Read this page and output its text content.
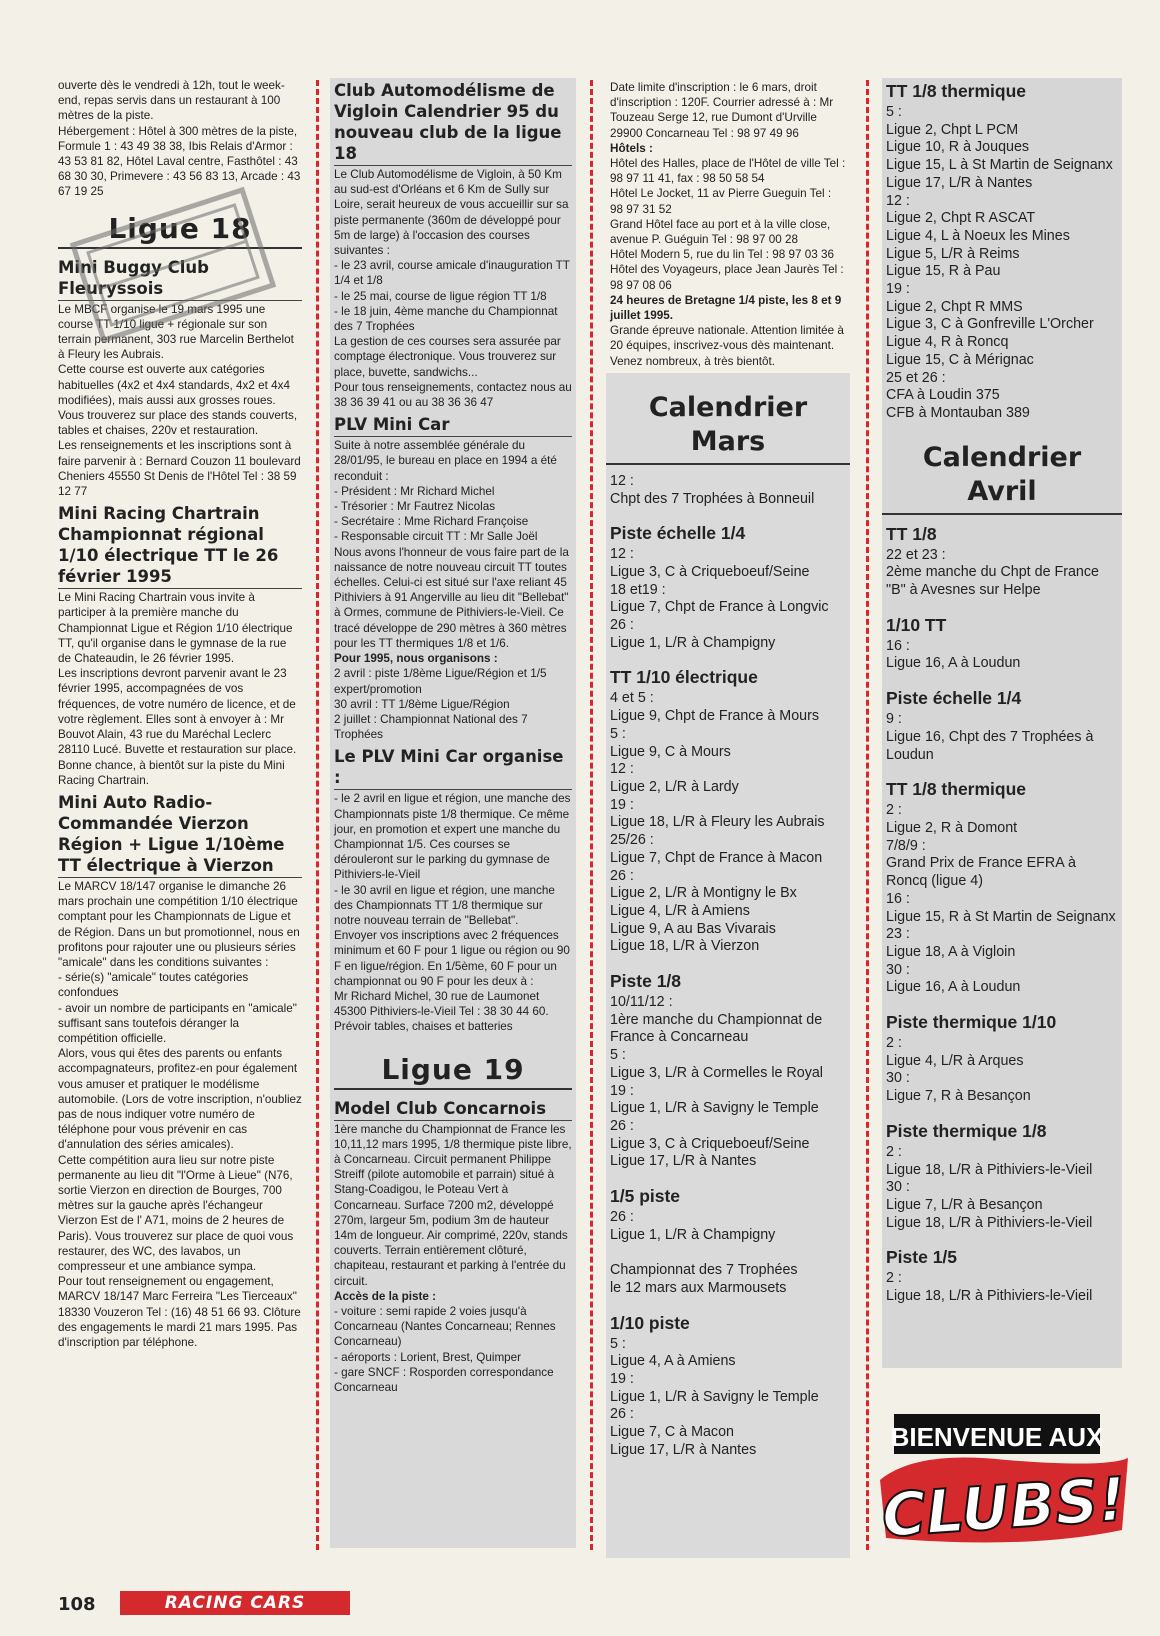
ouverte dès le vendredi à 12h, tout le week-end, repas servis dans un restaurant à 100 mètres de la piste.
Hébergement : Hôtel à 300 mètres de la piste, Formule 1 : 43 49 38 38, Ibis Relais d'Armor : 43 53 81 82, Hôtel Laval centre, Fasthôtel : 43 68 30 30, Primevere : 43 56 83 13, Arcade : 43 67 19 25

Ligue 18
Mini Buggy Club Fleuryssois

Le MBCF organise le 19 mars 1995 une course TT 1/10 ligue + régionale sur son terrain permanent, 303 rue Marcelin Berthelot à Fleury les Aubrais.
Cette course est ouverte aux catégories habituelles (4x2 et 4x4 standards, 4x2 et 4x4 modifiées), mais aussi aux grosses roues. Vous trouverez sur place des stands couverts, tables et chaises, 220v et restauration.
Les renseignements et les inscriptions sont à faire parvenir à : Bernard Couzon 11 boulevard Cheniers 45550 St Denis de l'Hôtel Tel : 38 59 12 77

Mini Racing Chartrain Championnat régional 1/10 électrique TT le 26 février 1995

Le Mini Racing Chartrain vous invite à participer à la première manche du Championnat Ligue et Région 1/10 électrique TT, qu'il organise dans le gymnase de la rue de Chateaudin, le 26 février 1995.
Les inscriptions devront parvenir avant le 23 février 1995, accompagnées de vos fréquences, de votre numéro de licence, et de votre règlement. Elles sont à envoyer à : Mr Bouvot Alain, 43 rue du Maréchal Leclerc 28110 Lucé. Buvette et restauration sur place.
Bonne chance, à bientôt sur la piste du Mini Racing Chartrain.

Mini Auto Radio-Commandée Vierzon Région + Ligue 1/10ème TT électrique à Vierzon

Le MARCV 18/147 organise le dimanche 26 mars prochain une compétition 1/10 électrique comptant pour les Championnats de Ligue et de Région. Dans un but promotionnel, nous en profitons pour rajouter une ou plusieurs séries "amicale" dans les conditions suivantes :
- série(s) "amicale" toutes catégories confondues
- avoir un nombre de participants en "amicale" suffisant sans toutefois déranger la compétition officielle.
Alors, vous qui êtes des parents ou enfants accompagnateurs, profitez-en pour également vous amuser et pratiquer le modélisme automobile. (Lors de votre inscription, n'oubliez pas de nous indiquer votre numéro de téléphone pour vous prévenir en cas d'annulation des séries amicales).
Cette compétition aura lieu sur notre piste permanente au lieu dit "l'Orme à Lieue" (N76, sortie Vierzon en direction de Bourges, 700 mètres sur la gauche après l'échangeur Vierzon Est de l' A71, moins de 2 heures de Paris). Vous trouverez sur place de quoi vous restaurer, des WC, des lavabos, un compresseur et une ambiance sympa.
Pour tout renseignement ou engagement, MARCV 18/147 Marc Ferreira "Les Tierceaux" 18330 Vouzeron Tel : (16) 48 51 66 93. Clôture des engagements le mardi 21 mars 1995. Pas d'inscription par téléphone.

Club Automodélisme de Vigloin Calendrier 95 du nouveau club de la ligue 18

Le Club Automodélisme de Vigloin, à 50 Km au sud-est d'Orléans et 6 Km de Sully sur Loire, serait heureux de vous accueillir sur sa piste permanente (360m de développé pour 5m de large) à l'occasion des courses suivantes :
- le 23 avril, course amicale d'inauguration TT 1/4 et 1/8
- le 25 mai, course de ligue région TT 1/8
- le 18 juin, 4ème manche du Championnat des 7 Trophées
La gestion de ces courses sera assurée par comptage électronique. Vous trouverez sur place, buvette, sandwichs...
Pour tous renseignements, contactez nous au 38 36 39 41 ou au 38 36 36 47

PLV Mini Car

Suite à notre assemblée générale du 28/01/95, le bureau en place en 1994 a été reconduit :
- Président : Mr Richard Michel
- Trésorier : Mr Fautrez Nicolas
- Secrétaire : Mme Richard Françoise
- Responsable circuit TT : Mr Salle Joël
Nous avons l'honneur de vous faire part de la naissance de notre nouveau circuit TT toutes échelles. Celui-ci est situé sur l'axe reliant 45 Pithiviers à 91 Angerville au lieu dit "Bellebat" à Ormes, commune de Pithiviers-le-Vieil. Ce tracé développe de 290 mètres à 360 mètres pour les TT thermiques 1/8 et 1/6.

Pour 1995, nous organisons :

2 avril : piste 1/8ème Ligue/Région et 1/5 expert/promotion
30 avril : TT 1/8ème Ligue/Région
2 juillet : Championnat National des 7 Trophées

Le PLV Mini Car organise :

- le 2 avril en ligue et région, une manche des Championnats piste 1/8 thermique. Ce même jour, en promotion et expert une manche du Championnat 1/5. Ces courses se dérouleront sur le parking du gymnase de Pithiviers-le-Vieil
- le 30 avril en ligue et région, une manche des Championnats TT 1/8 thermique sur notre nouveau terrain de "Bellebat".
Envoyer vos inscriptions avec 2 fréquences minimum et 60 F pour 1 ligue ou région ou 90 F en ligue/région. En 1/5ème, 60 F pour un championnat ou 90 F pour les deux à :
Mr Richard Michel, 30 rue de Laumonet 45300 Pithiviers-le-Vieil Tel : 38 30 44 60. Prévoir tables, chaises et batteries

Ligue 19
Model Club Concarnois

1ère manche du Championnat de France les 10,11,12 mars 1995, 1/8 thermique piste libre, à Concarneau. Circuit permanent Philippe Streiff (pilote automobile et parrain) situé à Stang-Coadigou, le Poteau Vert à Concarneau. Surface 7200 m2, développé 270m, largeur 5m, podium 3m de hauteur 14m de longueur. Air comprimé, 220v, stands couverts. Terrain entièrement clôturé, chapiteau, restaurant et parking à l'entrée du circuit.

Accès de la piste :

- voiture : semi rapide 2 voies jusqu'à Concarneau (Nantes Concarneau; Rennes Concarneau)
- aéroports : Lorient, Brest, Quimper
- gare SNCF : Rosporden correspondance Concarneau

Date limite d'inscription : le 6 mars, droit d'inscription : 120F. Courrier adressé à : Mr Touzeau Serge 12, rue Dumont d'Urville 29900 Concarneau Tel : 98 97 49 96

Hôtels :

Hôtel des Halles, place de l'Hôtel de ville Tel : 98 97 11 41, fax : 98 50 58 54
Hôtel Le Jocket, 11 av Pierre Gueguin Tel : 98 97 31 52
Grand Hôtel face au port et à la ville close, avenue P. Guéguin Tel : 98 97 00 28
Hôtel Modern 5, rue du lin Tel : 98 97 03 36
Hôtel des Voyageurs, place Jean Jaurès Tel : 98 97 08 06

24 heures de Bretagne 1/4 piste, les 8 et 9 juillet 1995.

Grande épreuve nationale. Attention limitée à 20 équipes, inscrivez-vous dès maintenant. Venez nombreux, à très bientôt.

Calendrier
Mars

12 :
Chpt des 7 Trophées à Bonneuil

Piste échelle 1/4

12 :
Ligue 3, C à Criqueboeuf/Seine
18 et19 :
Ligue 7, Chpt de France à Longvic
26 :
Ligue 1, L/R à Champigny

TT 1/10 électrique

4 et 5 :
Ligue 9, Chpt de France à Mours
5 :
Ligue 9, C à Mours
12 :
Ligue 2, L/R à Lardy
19 :
Ligue 18, L/R à Fleury les Aubrais
25/26 :
Ligue 7, Chpt de France à Macon
26 :
Ligue 2, L/R à Montigny le Bx
Ligue 4, L/R à Amiens
Ligue 9, A au Bas Vivarais
Ligue 18, L/R à Vierzon

Piste 1/8

10/11/12 :
1ère manche du Championnat de France à Concarneau
5 :
Ligue 3, L/R à Cormelles le Royal
19 :
Ligue 1, L/R à Savigny le Temple
26 :
Ligue 3, C à Criqueboeuf/Seine
Ligue 17, L/R à Nantes

1/5 piste

26 :
Ligue 1, L/R à Champigny

Championnat des 7 Trophées
le 12 mars aux Marmousets

1/10 piste

5 :
Ligue 4, A à Amiens
19 :
Ligue 1, L/R à Savigny le Temple
26 :
Ligue 7, C à Macon
Ligue 17, L/R à Nantes

TT 1/8 thermique

5 :
Ligue 2, Chpt L PCM
Ligue 10, R à Jouques
Ligue 15, L à St Martin de Seignanx
Ligue 17, L/R à Nantes
12 :
Ligue 2, Chpt R ASCAT
Ligue 4, L à Noeux les Mines
Ligue 5, L/R à Reims
Ligue 15, R à Pau
19 :
Ligue 2, Chpt R MMS
Ligue 3, C à Gonfreville L'Orcher
Ligue 4, R à Roncq
Ligue 15, C à Mérignac
25 et 26 :
CFA à Loudin 375
CFB à Montauban 389

Calendrier
Avril
TT 1/8

22 et 23 :
2ème manche du Chpt de France "B" à Avesnes sur Helpe

1/10 TT

16 :
Ligue 16, A à Loudun

Piste échelle 1/4

9 :
Ligue 16, Chpt des 7 Trophées à Loudun

TT 1/8 thermique

2 :
Ligue 2, R à Domont
7/8/9 :
Grand Prix de France EFRA à Roncq (ligue 4)
16 :
Ligue 15, R à St Martin de Seignanx
23 :
Ligue 18, A à Vigloin
30 :
Ligue 16, A à Loudun

Piste thermique 1/10

2 :
Ligue 4, L/R à Arques
30 :
Ligue 7, R à Besançon

Piste thermique 1/8

2 :
Ligue 18, L/R à Pithiviers-le-Vieil
30 :
Ligue 7, L/R à Besançon
Ligue 18, L/R à Pithiviers-le-Vieil

Piste 1/5

2 :
Ligue 18, L/R à Pithiviers-le-Vieil

BIENVENUE AUX
CLUBS!
108	RACING CARS
